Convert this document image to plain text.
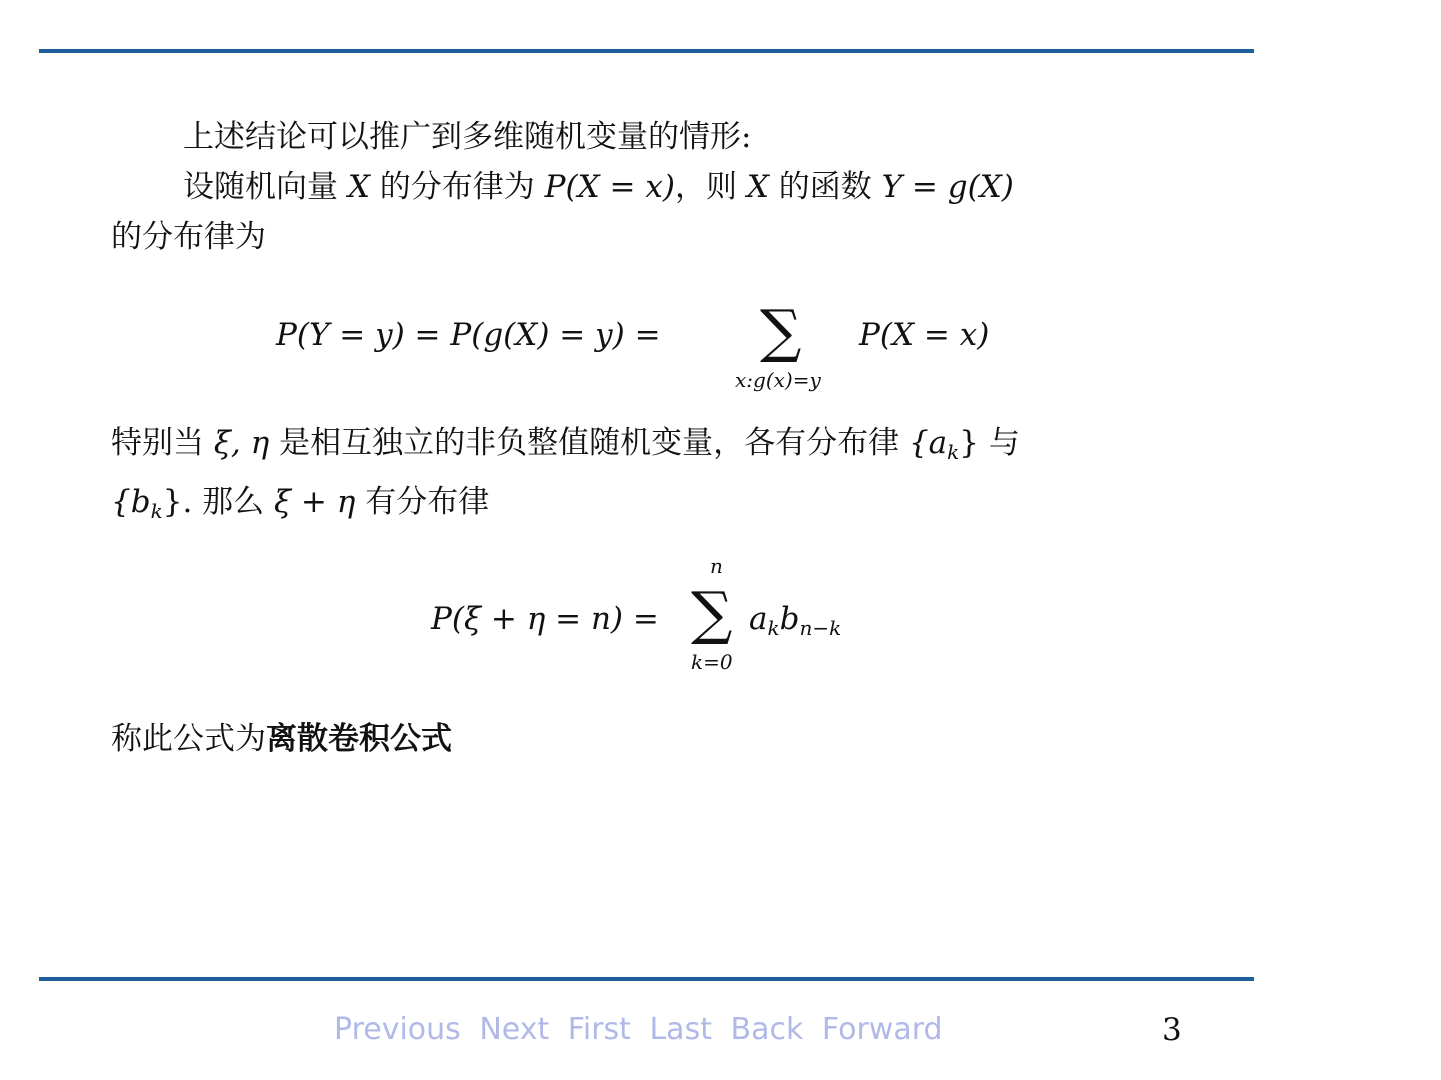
上述结论可以推广到多维随机变量的情形:

设随机向量 X 的分布律为 P(X = x)，则 X 的函数 Y = g(X)
的分布律为

P(Y = y) = P(g(X) = y) = ∑
x:g(x)=y
P(X = x)

特别当 ξ, η 是相互独立的非负整值随机变量，各有分布律 $\{a_k\}$ 与
$\{b_k\}$. 那么 ξ + η 有分布律

n
P(ξ + η = n) = ∑
k=0
$a_kb_{n-k}$

称此公式为离散卷积公式

Previous Next First Last Back Forward	3
